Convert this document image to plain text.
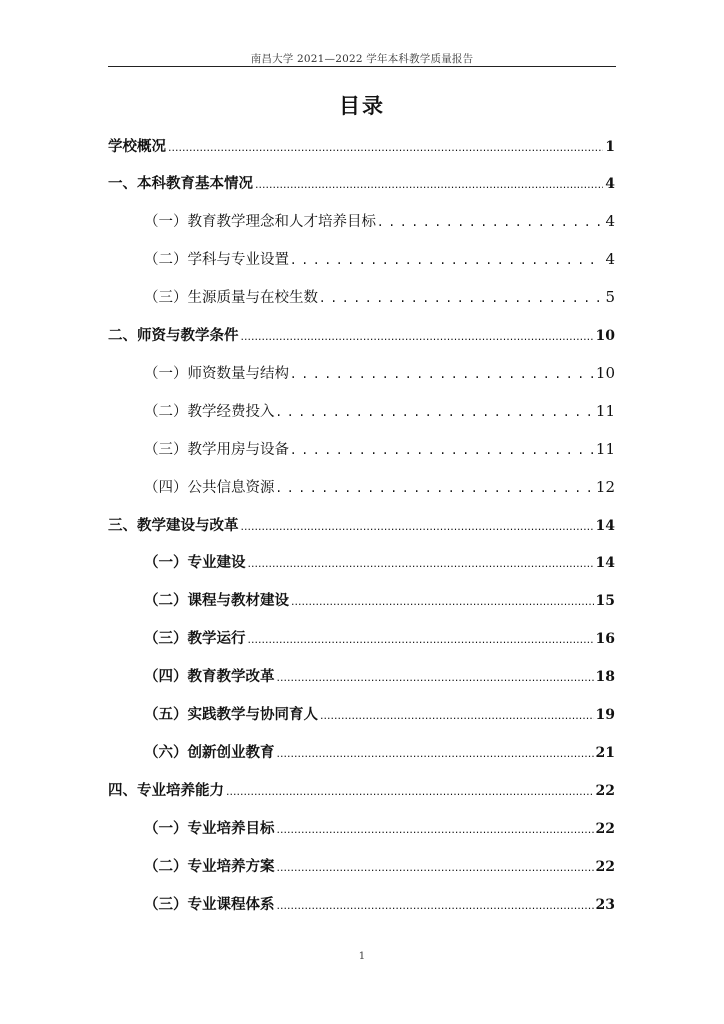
南昌大学 2021—2022 学年本科教学质量报告
目录
学校概况 .....	1
一、本科教育基本情况 .....	4
（一）教育教学理念和人才培养目标 . . .	4
（二）学科与专业设置 . . .	4
（三）生源质量与在校生数 . . .	5
二、师资与教学条件 .....	10
（一）师资数量与结构 . . .	10
（二）教学经费投入 . . .	11
（三）教学用房与设备 . . .	11
（四）公共信息资源 . . .	12
三、教学建设与改革 .....	14
（一）专业建设 .....	14
（二）课程与教材建设 .....	15
（三）教学运行 .....	16
（四）教育教学改革 .....	18
（五）实践教学与协同育人 .....	19
（六）创新创业教育 .....	21
四、专业培养能力 .....	22
（一）专业培养目标 .....	22
（二）专业培养方案 .....	22
（三）专业课程体系 .....	23
1
